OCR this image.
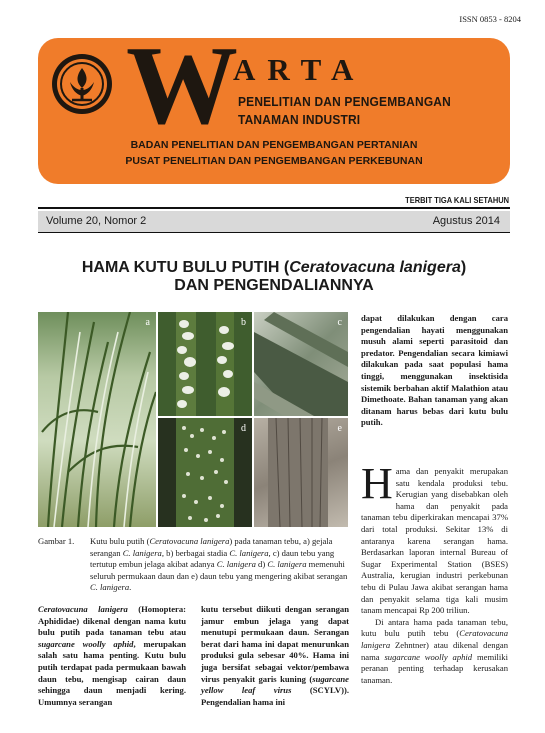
ISSN 0853 - 8204
W ARTA
PENELITIAN DAN PENGEMBANGAN
TANAMAN INDUSTRI
BADAN PENELITIAN DAN PENGEMBANGAN PERTANIAN
PUSAT PENELITIAN DAN PENGEMBANGAN PERKEBUNAN
TERBIT TIGA KALI SETAHUN
Volume 20, Nomor 2	Agustus 2014
HAMA KUTU BULU PUTIH (Ceratovacuna lanigera)
DAN PENGENDALIANNYA
a	b	c
d	e
Gambar 1.	Kutu bulu putih (Ceratovacuna lanigera) pada tanaman tebu, a) gejala serangan C. lanigera, b) berbagai stadia C. lanigera, c) daun tebu yang tertutup embun jelaga akibat adanya C. lanigera d) C. lanigera memenuhi seluruh permukaan daun dan e) daun tebu yang mengering akibat serangan C. lanigera.
Ceratovacuna lanigera (Homoptera: Aphididae) dikenal dengan nama kutu bulu putih pada tanaman tebu atau sugarcane woolly aphid, merupakan salah satu hama penting. Kutu bulu putih terdapat pada permukaan bawah daun tebu, mengisap cairan daun sehingga daun menjadi kering. Umumnya serangan
kutu tersebut diikuti dengan serangan jamur embun jelaga yang dapat menutupi permukaan daun. Serangan berat dari hama ini dapat menurunkan produksi gula sebesar 40%. Hama ini juga bersifat sebagai vektor/pembawa virus penyakit garis kuning (sugarcane yellow leaf virus (SCYLV)). Pengendalian hama ini
dapat dilakukan dengan cara pengendalian hayati menggunakan musuh alami seperti parasitoid dan predator. Pengendalian secara kimiawi dilakukan pada saat populasi hama tinggi, menggunakan insektisida sistemik berbahan aktif Malathion atau Dimethoate. Bahan tanaman yang akan ditanam harus bebas dari kutu bulu putih.

Hama dan penyakit merupakan satu kendala produksi tebu. Kerugian yang disebabkan oleh hama dan penyakit pada tanaman tebu diperkirakan mencapai 37% dari total produksi. Sekitar 13% di antaranya karena serangan hama. Berdasarkan laporan internal Bureau of Sugar Experimental Station (BSES) Australia, kerugian industri perkebunan tebu di Pulau Jawa akibat serangan hama dan penyakit selama tiga kali musim tanam mencapai Rp 200 triliun.

Di antara hama pada tanaman tebu, kutu bulu putih tebu (Ceratovacuna lanigera Zehntner) atau dikenal dengan nama sugarcane woolly aphid memiliki peranan penting terhadap kerusakan tanaman.
